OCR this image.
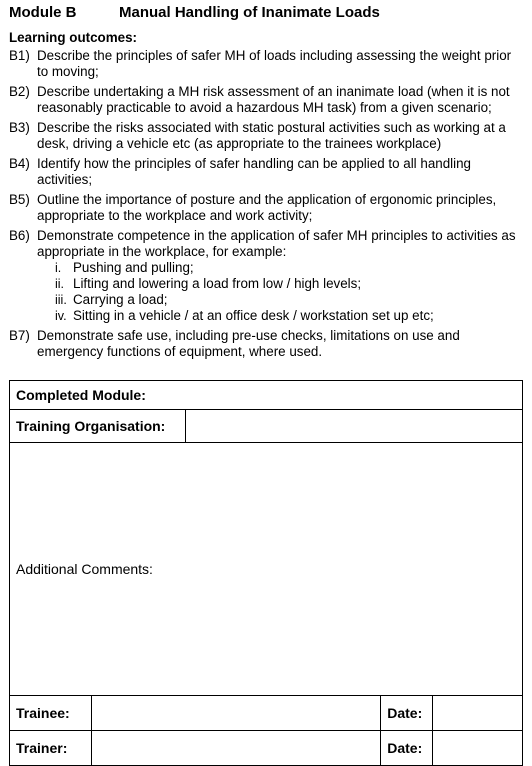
Module B	Manual Handling of Inanimate Loads
Learning outcomes:
B1) Describe the principles of safer MH of loads including assessing the weight prior to moving;
B2) Describe undertaking a MH risk assessment of an inanimate load (when it is not reasonably practicable to avoid a hazardous MH task) from a given scenario;
B3) Describe the risks associated with static postural activities such as working at a desk, driving a vehicle etc (as appropriate to the trainees workplace)
B4) Identify how the principles of safer handling can be applied to all handling activities;
B5) Outline the importance of posture and the application of ergonomic principles, appropriate to the workplace and work activity;
B6) Demonstrate competence in the application of safer MH principles to activities as appropriate in the workplace, for example:
i. Pushing and pulling;
ii. Lifting and lowering a load from low / high levels;
iii. Carrying a load;
iv. Sitting in a vehicle / at an office desk / workstation set up etc;
B7) Demonstrate safe use, including pre-use checks, limitations on use and emergency functions of equipment, where used.
Completed Module:				
Training Organisation:				
Additional Comments:				
Trainee:			Date:	
Trainer:			Date:	
